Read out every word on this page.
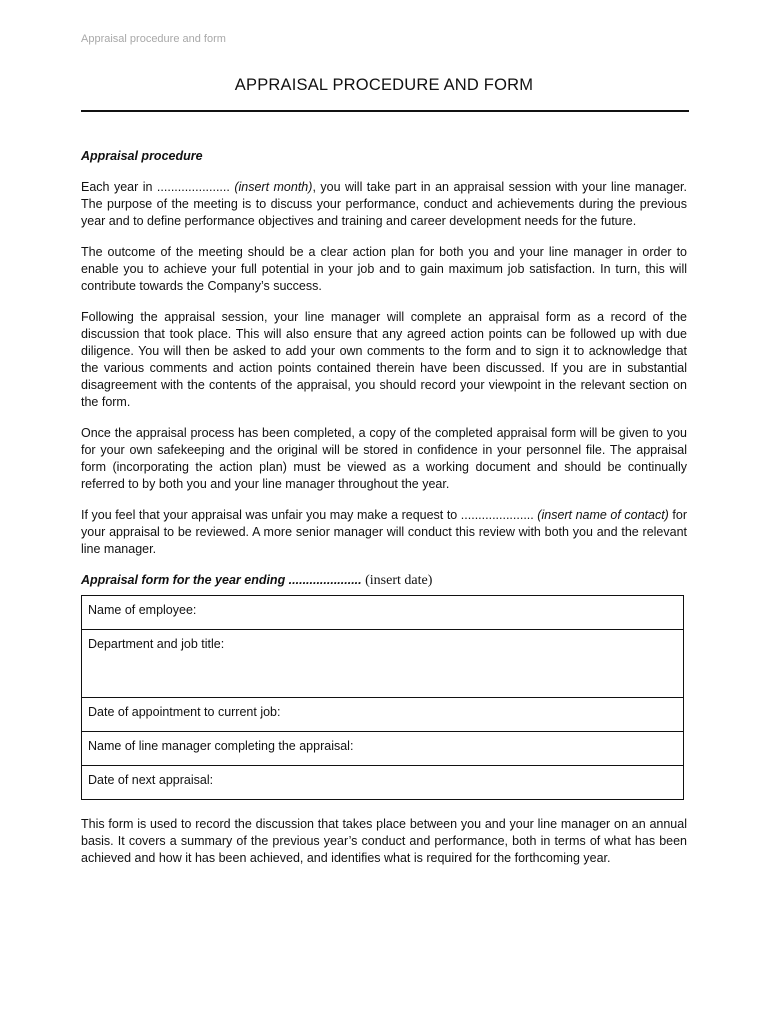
Appraisal procedure and form
APPRAISAL PROCEDURE AND FORM

Appraisal procedure

Each year in ..................... (insert month), you will take part in an appraisal session with your line manager. The purpose of the meeting is to discuss your performance, conduct and achievements during the previous year and to define performance objectives and training and career development needs for the future.

The outcome of the meeting should be a clear action plan for both you and your line manager in order to enable you to achieve your full potential in your job and to gain maximum job satisfaction. In turn, this will contribute towards the Company’s success.

Following the appraisal session, your line manager will complete an appraisal form as a record of the discussion that took place. This will also ensure that any agreed action points can be followed up with due diligence. You will then be asked to add your own comments to the form and to sign it to acknowledge that the various comments and action points contained therein have been discussed. If you are in substantial disagreement with the contents of the appraisal, you should record your viewpoint in the relevant section on the form.

Once the appraisal process has been completed, a copy of the completed appraisal form will be given to you for your own safekeeping and the original will be stored in confidence in your personnel file. The appraisal form (incorporating the action plan) must be viewed as a working document and should be continually referred to by both you and your line manager throughout the year.

If you feel that your appraisal was unfair you may make a request to ..................... (insert name of contact) for your appraisal to be reviewed. A more senior manager will conduct this review with both you and the relevant line manager.

Appraisal form for the year ending ..................... (insert date)

Name of employee:
Department and job title:
Date of appointment to current job:
Name of line manager completing the appraisal:
Date of next appraisal:

This form is used to record the discussion that takes place between you and your line manager on an annual basis. It covers a summary of the previous year’s conduct and performance, both in terms of what has been achieved and how it has been achieved, and identifies what is required for the forthcoming year.
